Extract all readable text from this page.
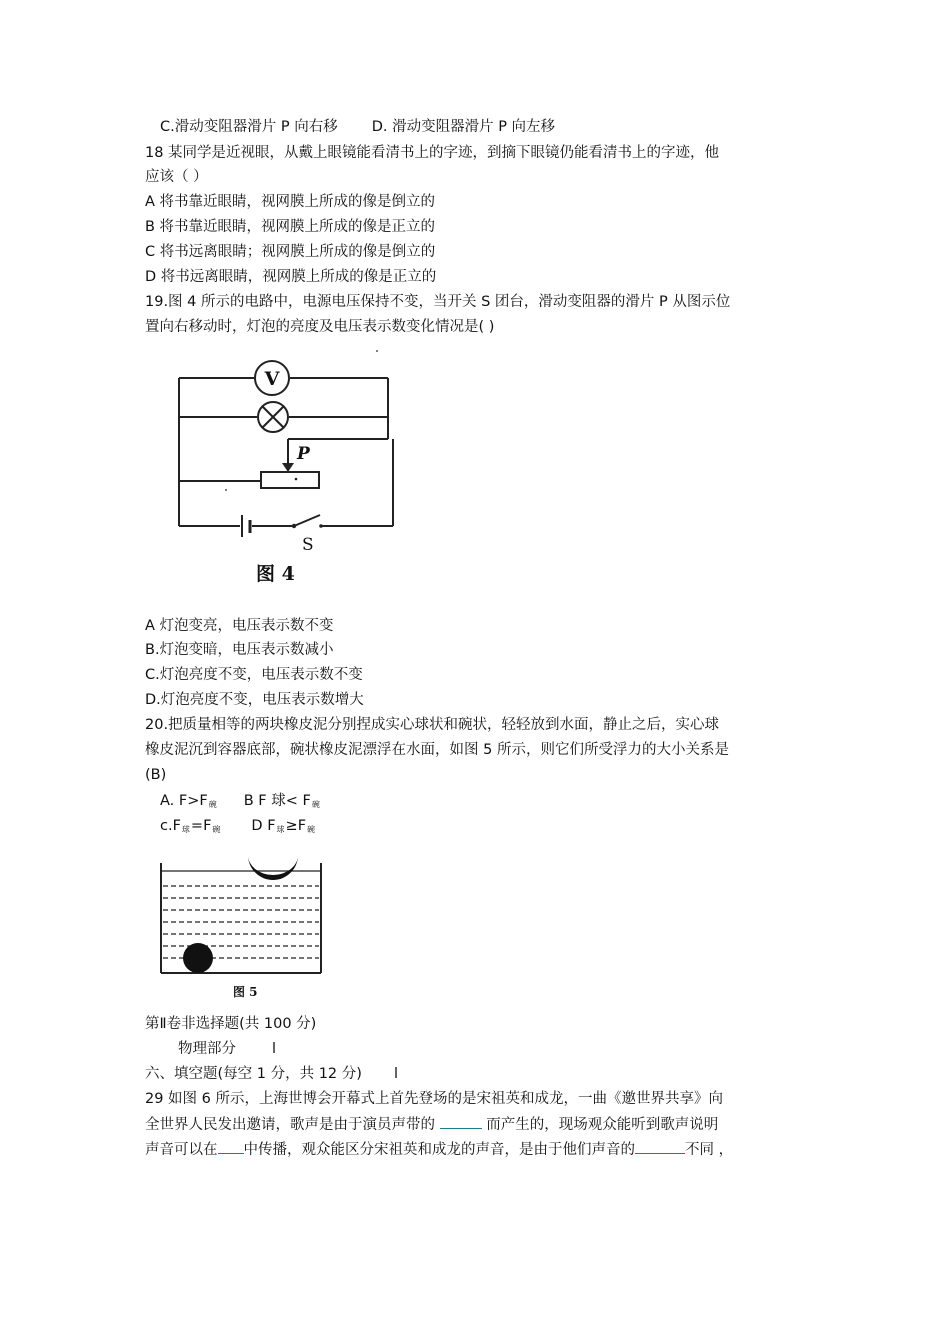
C.滑动变阻器滑片 P 向右移 D. 滑动变阻器滑片 P 向左移
18 某同学是近视眼，从戴上眼镜能看清书上的字迹，到摘下眼镜仍能看清书上的字迹，他
应该（ ）
A 将书靠近眼睛，视网膜上所成的像是倒立的
B 将书靠近眼睛，视网膜上所成的像是正立的
C 将书远离眼睛；视网膜上所成的像是倒立的
D 将书远离眼睛，视网膜上所成的像是正立的
19.图 4 所示的电路中，电源电压保持不变，当开关 S 团台，滑动变阻器的滑片 P 从图示位
置向右移动时，灯泡的亮度及电压表示数变化情况是( )
V
P
S
图 4
A 灯泡变亮，电压表示数不变
B.灯泡变暗，电压表示数减小
C.灯泡亮度不变，电压表示数不变
D.灯泡亮度不变，电压表示数增大
20.把质量相等的两块橡皮泥分别捏成实心球状和碗状，轻轻放到水面，静止之后，实心球
橡皮泥沉到容器底部，碗状橡皮泥漂浮在水面，如图 5 所示，则它们所受浮力的大小关系是
(B)
A. $F>F_碗$ B F 球< $F_碗$
$c.F_球=F_碗$ D $F_球\ge F_碗$
图 5
第Ⅱ卷非选择题(共 100 分)
物理部分 l
六、填空题(每空 1 分，共 12 分) l
29 如图 6 所示，上海世博会开幕式上首先登场的是宋祖英和成龙，一曲《邀世界共享》向
全世界人民发出邀请，歌声是由于演员声带的	而产生的，现场观众能听到歌声说明
声音可以在 中传播，观众能区分宋祖英和成龙的声音，是由于他们声音的	不同 ，
